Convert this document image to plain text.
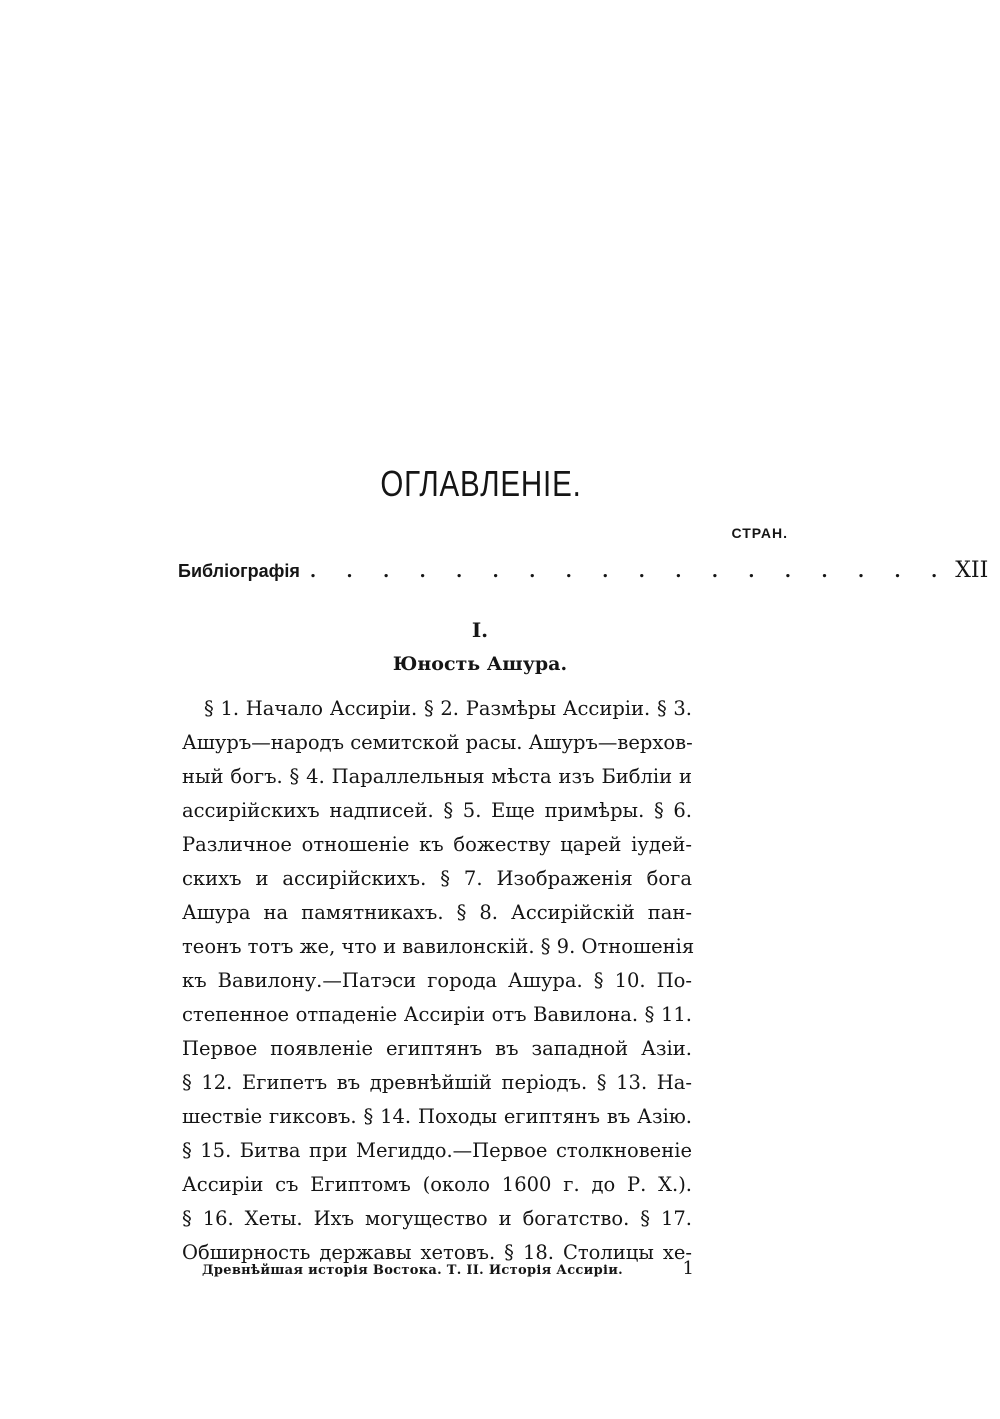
ОГЛАВЛЕНІЕ.
СТРАН.
Библіографія . . . . . . . . . . . . . . . . . . XII
I.
Юность Ашура.
§ 1. Начало Ассиріи. § 2. Размѣры Ассиріи. § 3.
Ашуръ—народъ семитской расы. Ашуръ—верхов-
ный богъ. § 4. Параллельныя мѣста изъ Библіи и
ассирійскихъ надписей. § 5. Еще примѣры. § 6.
Различное отношеніе къ божеству царей іудей-
скихъ и ассирійскихъ. § 7. Изображенія бога
Ашура на памятникахъ. § 8. Ассирійскій пан-
теонъ тотъ же, что и вавилонскій. § 9. Отношенія
къ Вавилону.—Патэси города Ашура. § 10. По-
степенное отпаденіе Ассиріи отъ Вавилона. § 11.
Первое появленіе египтянъ въ западной Азіи.
§ 12. Египетъ въ древнѣйшій періодъ. § 13. На-
шествіе гиксовъ. § 14. Походы египтянъ въ Азію.
§ 15. Битва при Мегиддо.—Первое столкновеніе
Ассиріи съ Египтомъ (около 1600 г. до Р. Х.).
§ 16. Хеты. Ихъ могущество и богатство. § 17.
Обширность державы хетовъ. § 18. Столицы хе-
Древнѣйшая исторія Востока. Т. II. Исторія Ассиріи.	1
